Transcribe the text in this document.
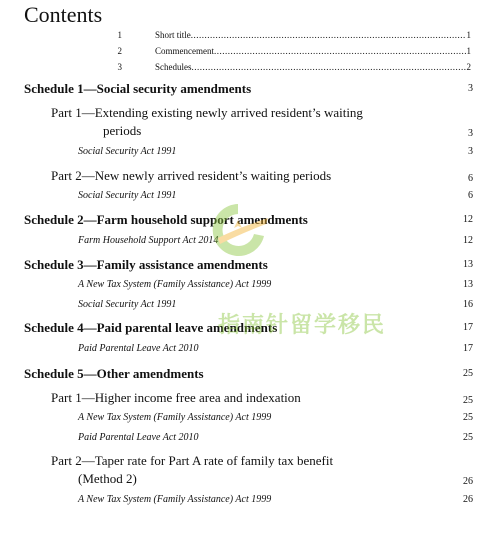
Contents
1	Short title .....	1
2	Commencement .....	1
3	Schedules .....	2
Schedule 1—Social security amendments	3
Part 1—Extending existing newly arrived resident’s waiting
periods	3
Social Security Act 1991	3
Part 2—New newly arrived resident’s waiting periods	6
Social Security Act 1991	6
Schedule 2—Farm household support amendments	12
Farm Household Support Act 2014	12
Schedule 3—Family assistance amendments	13
A New Tax System (Family Assistance) Act 1999	13
Social Security Act 1991	16
Schedule 4—Paid parental leave amendments	17
Paid Parental Leave Act 2010	17
Schedule 5—Other amendments	25
Part 1—Higher income free area and indexation	25
A New Tax System (Family Assistance) Act 1999	25
Paid Parental Leave Act 2010	25
Part 2—Taper rate for Part A rate of family tax benefit
(Method 2)	26
A New Tax System (Family Assistance) Act 1999	26
指南针留学移民
